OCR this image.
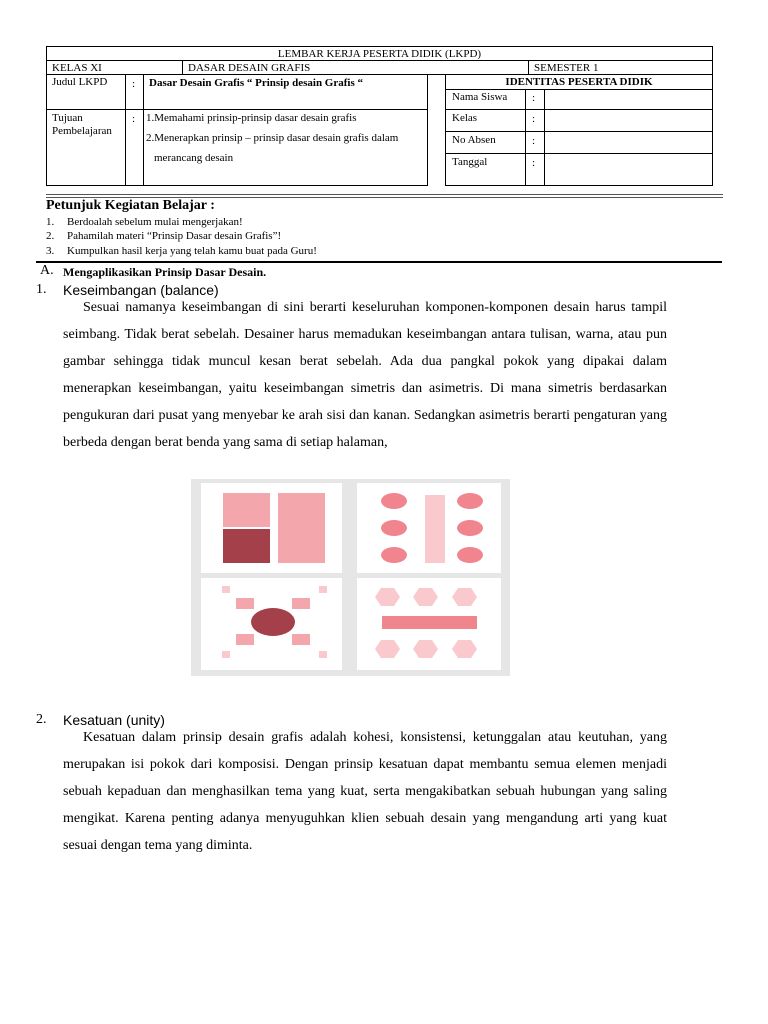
LEMBAR KERJA PESERTA DIDIK (LKPD)
KELAS XI	DASAR DESAIN GRAFIS	SEMESTER 1
Judul LKPD : Dasar Desain Grafis “ Prinsip desain Grafis “
Tujuan Pembelajaran
: 1.Memahami prinsip-prinsip dasar desain grafis
2.Menerapkan prinsip – prinsip dasar desain grafis dalam
merancang desain
IDENTITAS PESERTA DIDIK
Nama Siswa :
Kelas	:
No Absen	:
Tanggal	:
Petunjuk Kegiatan Belajar :
1. Berdoalah sebelum mulai mengerjakan!
2. Pahamilah materi “Prinsip Dasar desain Grafis”!
3. Kumpulkan hasil kerja yang telah kamu buat pada Guru!
A. Mengaplikasikan Prinsip Dasar Desain.
1. Keseimbangan (balance)

Sesuai namanya keseimbangan di sini berarti keseluruhan komponen-komponen desain harus tampil seimbang. Tidak berat sebelah. Desainer harus memadukan keseimbangan antara tulisan, warna, atau pun gambar sehingga tidak muncul kesan berat sebelah. Ada dua pangkal pokok yang dipakai dalam menerapkan keseimbangan, yaitu keseimbangan simetris dan asimetris. Di mana simetris berdasarkan pengukuran dari pusat yang menyebar ke arah sisi dan kanan. Sedangkan asimetris berarti pengaturan yang berbeda dengan berat benda yang sama di setiap halaman,

2. Kesatuan (unity)

Kesatuan dalam prinsip desain grafis adalah kohesi, konsistensi, ketunggalan atau keutuhan, yang merupakan isi pokok dari komposisi. Dengan prinsip kesatuan dapat membantu semua elemen menjadi sebuah kepaduan dan menghasilkan tema yang kuat, serta mengakibatkan sebuah hubungan yang saling mengikat. Karena penting adanya menyuguhkan klien sebuah desain yang mengandung arti yang kuat sesuai dengan tema yang diminta.
